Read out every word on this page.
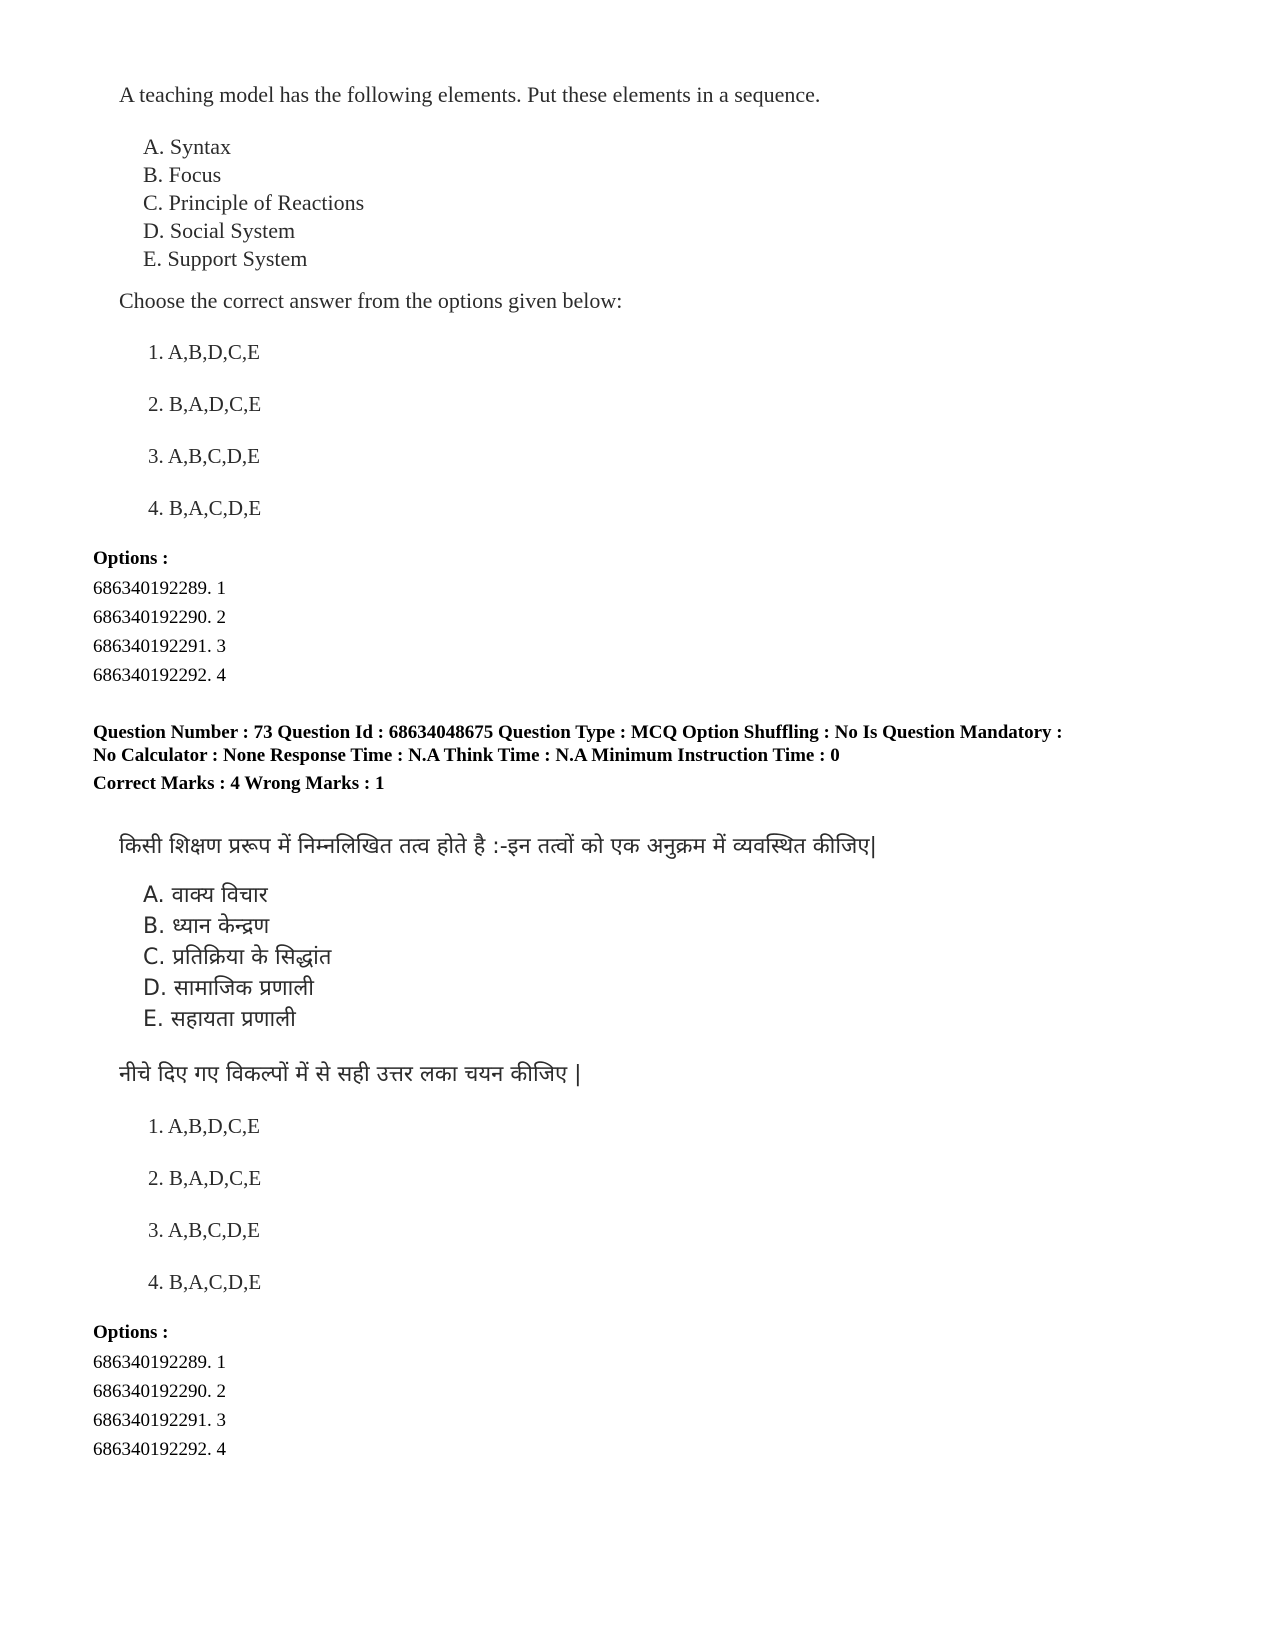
A teaching model has the following elements. Put these elements in a sequence.
A. Syntax
B. Focus
C. Principle of Reactions
D. Social System
E. Support System
Choose the correct answer from the options given below:
1. A,B,D,C,E
2. B,A,D,C,E
3. A,B,C,D,E
4. B,A,C,D,E
Options :
686340192289. 1
686340192290. 2
686340192291. 3
686340192292. 4
Question Number : 73 Question Id : 68634048675 Question Type : MCQ Option Shuffling : No Is Question Mandatory :
No Calculator : None Response Time : N.A Think Time : N.A Minimum Instruction Time : 0
Correct Marks : 4 Wrong Marks : 1
किसी शिक्षण प्ररूप में निम्नलिखित तत्व होते है :-इन तत्वों को एक अनुक्रम में व्यवस्थित कीजिए|
A. वाक्य विचार
B. ध्यान केन्द्रण
C. प्रतिक्रिया के सिद्धांत
D. सामाजिक प्रणाली
E. सहायता प्रणाली
नीचे दिए गए विकल्पों में से सही उत्तर लका चयन कीजिए |
1. A,B,D,C,E
2. B,A,D,C,E
3. A,B,C,D,E
4. B,A,C,D,E
Options :
686340192289. 1
686340192290. 2
686340192291. 3
686340192292. 4
